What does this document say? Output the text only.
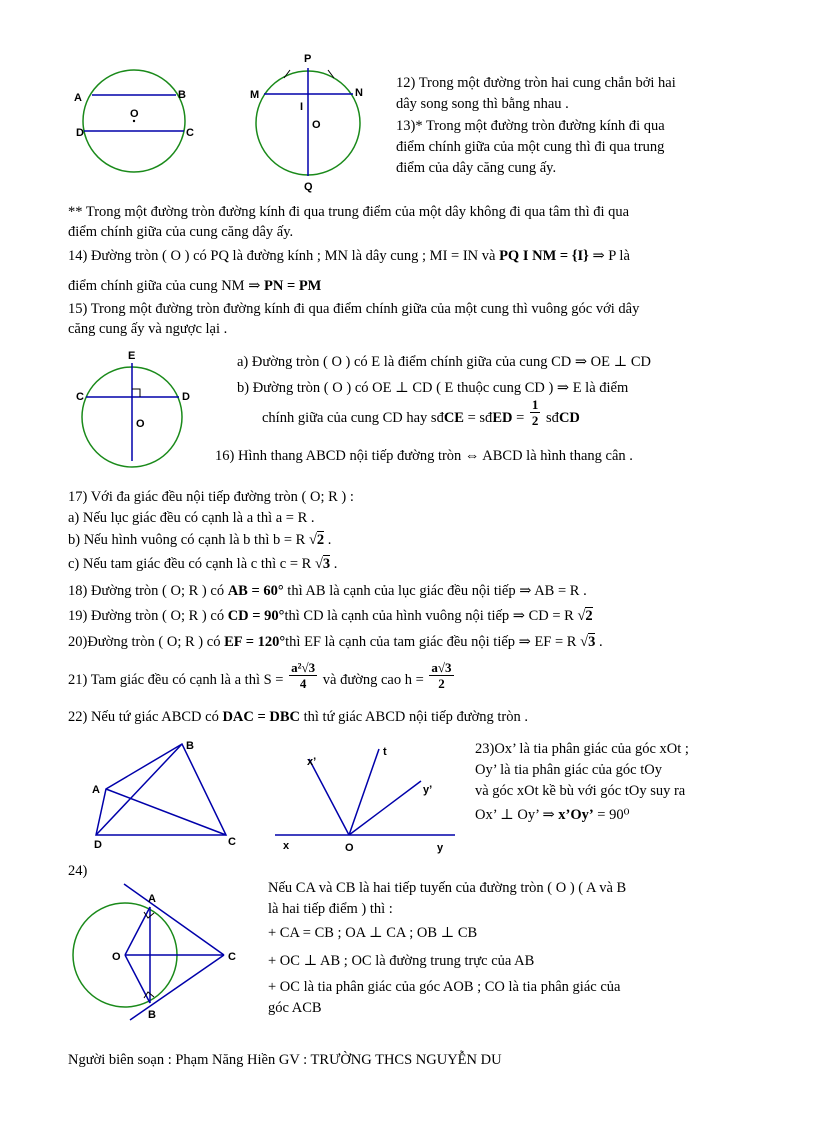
A	B
D	C
O
P
M	N
I
O
Q
12) Trong một đường tròn hai cung chắn bởi hai
dây song song thì bằng nhau .
13)* Trong một đường tròn đường kính đi qua
điểm chính giữa của một cung thì đi qua trung
điểm của dây căng cung ấy.
** Trong một đường tròn đường kính đi qua trung điểm của một dây không đi qua tâm thì đi qua
điểm chính giữa của cung căng dây ấy.
14) Đường tròn ( O ) có PQ là đường kính ; MN là dây cung ; MI = IN và PQ I NM = {I} ⇒ P là
điểm chính giữa của cung NM ⇒ PN = PM
15) Trong một đường tròn đường kính đi qua điểm chính giữa của một cung thì vuông góc với dây
căng cung ấy và ngược lại .
E
C	D
O
a) Đường tròn ( O ) có E là điểm chính giữa của cung CD ⇒ OE ⊥ CD
b) Đường tròn ( O ) có OE ⊥ CD ( E thuộc cung CD ) ⇒ E là điểm
chính giữa của cung CD hay sđCE = sđED = $\frac{1}{2}$ sđCD
16) Hình thang ABCD nội tiếp đường tròn ⇔ ABCD là hình thang cân .
17) Với đa giác đều nội tiếp đường tròn ( O; R ) :
a) Nếu lục giác đều có cạnh là a thì a = R .
b) Nếu hình vuông có cạnh là b thì b = R √2 .
c) Nếu tam giác đều có cạnh là c thì c = R √3 .
18) Đường tròn ( O; R ) có AB = 60° thì AB là cạnh của lục giác đều nội tiếp ⇒ AB = R .
19) Đường tròn ( O; R ) có CD = 90°thì CD là cạnh của hình vuông nội tiếp ⇒ CD = R √2
20)Đường tròn ( O; R ) có EF = 120°thì EF là cạnh của tam giác đều nội tiếp ⇒ EF = R √3 .
21) Tam giác đều có cạnh là a thì $S = \frac{\text{a²√3}}{4}$ và đường cao $h = \frac{a√3}{2}$
22) Nếu tứ giác ABCD có DAC = DBC thì tứ giác ABCD nội tiếp đường tròn .
A
B
C
D	x	O	y
x’
t
y’
23)Ox’ là tia phân giác của góc xOt ;
Oy’ là tia phân giác của góc tOy
và góc xOt kề bù với góc tOy suy ra
Ox’ ⊥ Oy’ ⇒ x’Oy’ = 90⁰
24)
A
B
C
O
Nếu CA và CB là hai tiếp tuyến của đường tròn ( O ) ( A và B
là hai tiếp điểm ) thì :
+ CA = CB ; OA ⊥ CA ; OB ⊥ CB
+ OC ⊥ AB ; OC là đường trung trực của AB
+ OC là tia phân giác của góc AOB ; CO là tia phân giác của
góc ACB
Người biên soạn : Phạm Năng Hiền GV : TRƯỜNG THCS NGUYỄN DU
